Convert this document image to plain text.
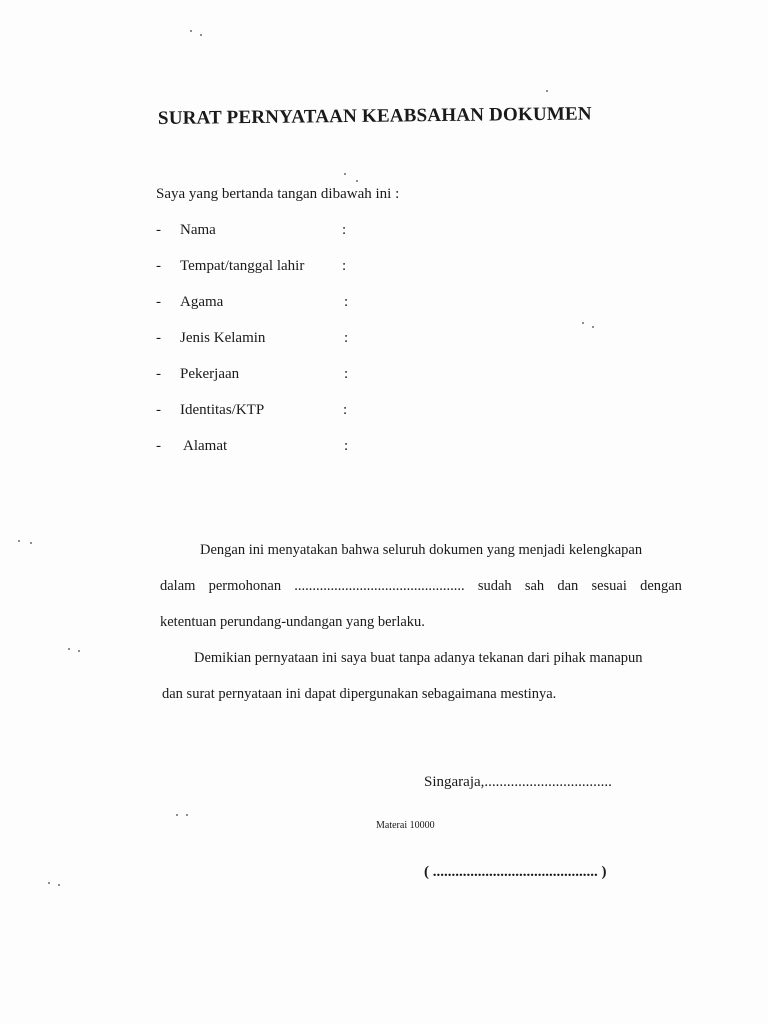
SURAT PERNYATAAN KEABSAHAN DOKUMEN
Saya yang bertanda tangan dibawah ini :
- Nama	:
- Tempat/tanggal lahir	:
- Agama	:
- Jenis Kelamin	:
- Pekerjaan	:
- Identitas/KTP	:
- Alamat	:
Dengan ini menyatakan bahwa seluruh dokumen yang menjadi kelengkapan
dalam permohonan ............................................... sudah sah dan sesuai dengan
ketentuan perundang-undangan yang berlaku.
Demikian pernyataan ini saya buat tanpa adanya tekanan dari pihak manapun
dan surat pernyataan ini dapat dipergunakan sebagaimana mestinya.
Singaraja,..................................
Materai 10000
( ............................................ )
